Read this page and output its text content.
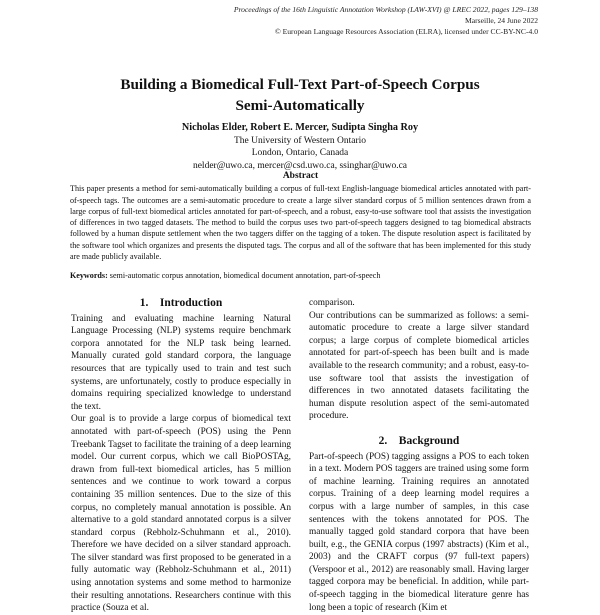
Proceedings of the 16th Linguistic Annotation Workshop (LAW-XVI) @ LREC 2022, pages 129–138
Marseille, 24 June 2022
© European Language Resources Association (ELRA), licensed under CC-BY-NC-4.0
Building a Biomedical Full-Text Part-of-Speech Corpus
Semi-Automatically
Nicholas Elder, Robert E. Mercer, Sudipta Singha Roy
The University of Western Ontario
London, Ontario, Canada
nelder@uwo.ca, mercer@csd.uwo.ca, ssinghar@uwo.ca
Abstract

This paper presents a method for semi-automatically building a corpus of full-text English-language biomedical articles annotated with part-of-speech tags. The outcomes are a semi-automatic procedure to create a large silver standard corpus of 5 million sentences drawn from a large corpus of full-text biomedical articles annotated for part-of-speech, and a robust, easy-to-use software tool that assists the investigation of differences in two tagged datasets. The method to build the corpus uses two part-of-speech taggers designed to tag biomedical abstracts followed by a human dispute settlement when the two taggers differ on the tagging of a token. The dispute resolution aspect is facilitated by the software tool which organizes and presents the disputed tags. The corpus and all of the software that has been implemented for this study are made publicly available.

Keywords: semi-automatic corpus annotation, biomedical document annotation, part-of-speech
1. Introduction

Training and evaluating machine learning Natural Language Processing (NLP) systems require benchmark corpora annotated for the NLP task being learned. Manually curated gold standard corpora, the language resources that are typically used to train and test such systems, are unfortunately, costly to produce especially in domains requiring specialized knowledge to understand the text.

Our goal is to provide a large corpus of biomedical text annotated with part-of-speech (POS) using the Penn Treebank Tagset to facilitate the training of a deep learning model. Our current corpus, which we call BioPOSTAg, drawn from full-text biomedical articles, has 5 million sentences and we continue to work toward a corpus containing 35 million sentences. Due to the size of this corpus, no completely manual annotation is possible. An alternative to a gold standard annotated corpus is a silver standard corpus (Rebholz-Schuhmann et al., 2010). Therefore we have decided on a silver standard approach. The silver standard was first proposed to be generated in a fully automatic way (Rebholz-Schuhmann et al., 2011) using annotation systems and some method to harmonize their resulting annotations. Researchers continue with this practice (Souza et al.

comparison.

Our contributions can be summarized as follows: a semi-automatic procedure to create a large silver standard corpus; a large corpus of complete biomedical articles annotated for part-of-speech has been built and is made available to the research community; and a robust, easy-to-use software tool that assists the investigation of differences in two annotated datasets facilitating the human dispute resolution aspect of the semi-automated procedure.

2. Background

Part-of-speech (POS) tagging assigns a POS to each token in a text. Modern POS taggers are trained using some form of machine learning. Training requires an annotated corpus. Training of a deep learning model requires a corpus with a large number of samples, in this case sentences with the tokens annotated for POS. The manually tagged gold standard corpora that have been built, e.g., the GENIA corpus (1997 abstracts) (Kim et al., 2003) and the CRAFT corpus (97 full-text papers) (Verspoor et al., 2012) are reasonably small. Having larger tagged corpora may be beneficial. In addition, while part-of-speech tagging in the biomedical literature genre has long been a topic of research (Kim et
